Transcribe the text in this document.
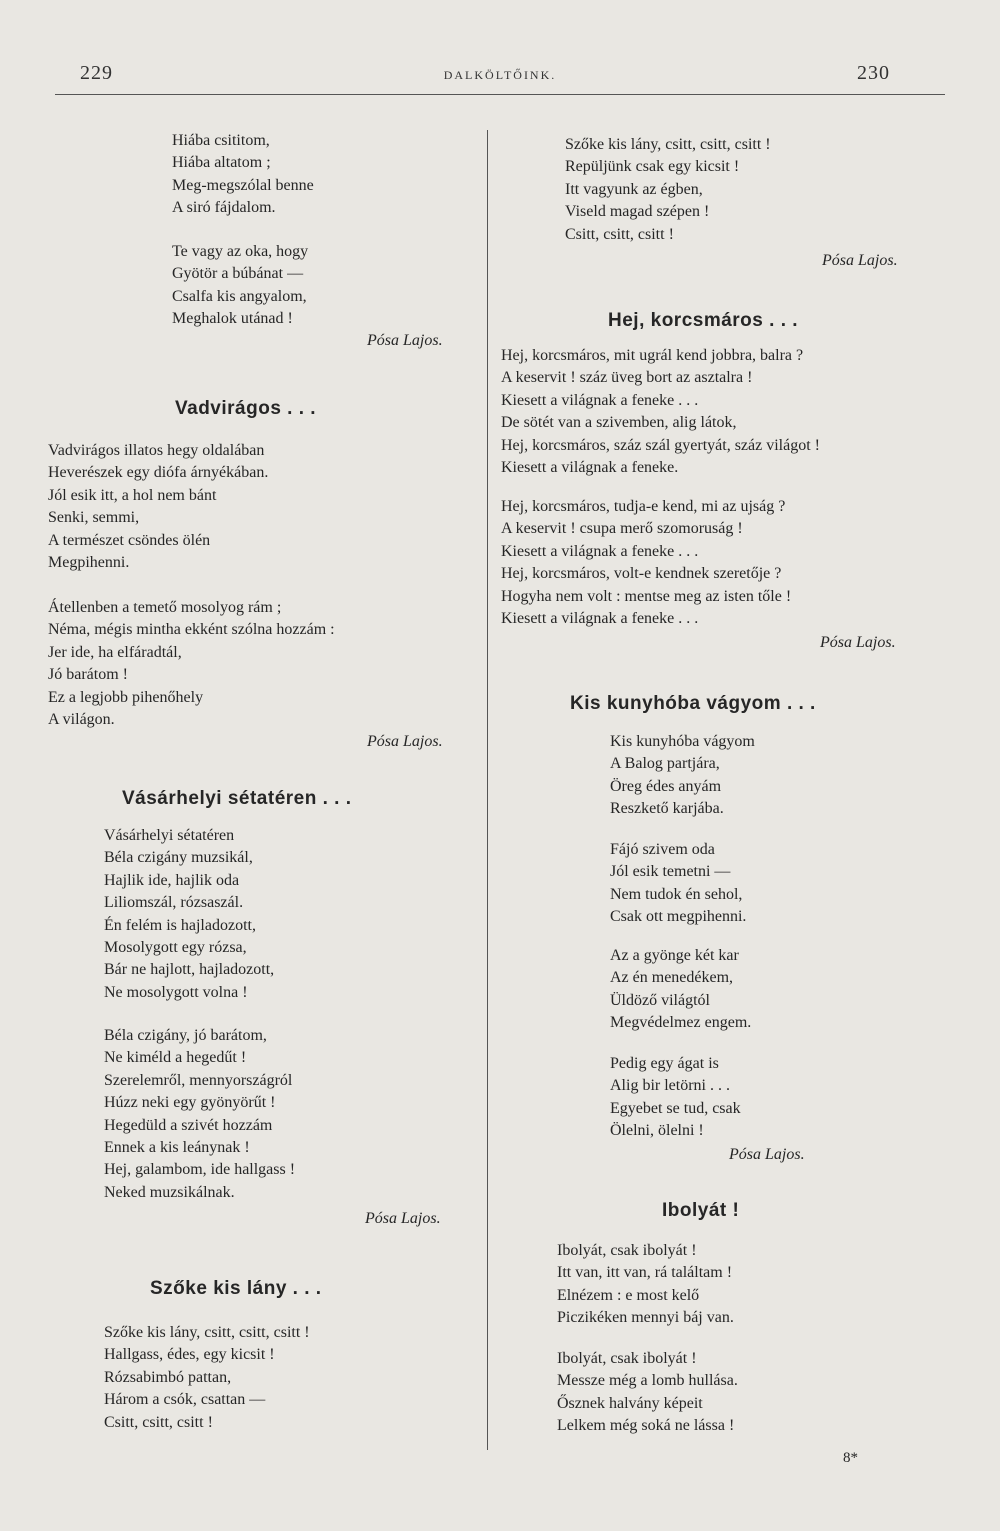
229	DALKÖLTŐINK.	230
Hiába csititom,
Hiába altatom ;
Meg-megszólal benne
A siró fájdalom.
Te vagy az oka, hogy
Gyötör a búbánat —
Csalfa kis angyalom,
Meghalok utánad !
Pósa Lajos.
Vadvirágos . . .
Vadvirágos illatos hegy oldalában
Heverészek egy diófa árnyékában.
Jól esik itt, a hol nem bánt
Senki, semmi,
A természet csöndes ölén
Megpihenni.
Átellenben a temető mosolyog rám ;
Néma, mégis mintha ekként szólna hozzám :
Jer ide, ha elfáradtál,
Jó barátom !
Ez a legjobb pihenőhely
A világon.
Pósa Lajos.
Vásárhelyi sétatéren . . .
Vásárhelyi sétatéren
Béla czigány muzsikál,
Hajlik ide, hajlik oda
Liliomszál, rózsaszál.
Én felém is hajladozott,
Mosolygott egy rózsa,
Bár ne hajlott, hajladozott,
Ne mosolygott volna !
Béla czigány, jó barátom,
Ne kiméld a hegedűt !
Szerelemről, mennyországról
Húzz neki egy gyönyörűt !
Hegedüld a szivét hozzám
Ennek a kis leánynak !
Hej, galambom, ide hallgass !
Neked muzsikálnak.
Pósa Lajos.
Szőke kis lány . . .
Szőke kis lány, csitt, csitt, csitt !
Hallgass, édes, egy kicsit !
Rózsabimbó pattan,
Három a csók, csattan —
Csitt, csitt, csitt !
Szőke kis lány, csitt, csitt, csitt !
Repüljünk csak egy kicsit !
Itt vagyunk az égben,
Viseld magad szépen !
Csitt, csitt, csitt !
Pósa Lajos.
Hej, korcsmáros . . .
Hej, korcsmáros, mit ugrál kend jobbra, balra ?
A keservit ! száz üveg bort az asztalra !
Kiesett a világnak a feneke . . .
De sötét van a szivemben, alig látok,
Hej, korcsmáros, száz szál gyertyát, száz világot !
Kiesett a világnak a feneke.
Hej, korcsmáros, tudja-e kend, mi az ujság ?
A keservit ! csupa merő szomoruság !
Kiesett a világnak a feneke . . .
Hej, korcsmáros, volt-e kendnek szeretője ?
Hogyha nem volt : mentse meg az isten tőle !
Kiesett a világnak a feneke . . .
Pósa Lajos.
Kis kunyhóba vágyom . . .
Kis kunyhóba vágyom
A Balog partjára,
Öreg édes anyám
Reszkető karjába.
Fájó szivem oda
Jól esik temetni —
Nem tudok én sehol,
Csak ott megpihenni.
Az a gyönge két kar
Az én menedékem,
Üldöző világtól
Megvédelmez engem.
Pedig egy ágat is
Alig bir letörni . . .
Egyebet se tud, csak
Ölelni, ölelni !
Pósa Lajos.
Ibolyát !
Ibolyát, csak ibolyát !
Itt van, itt van, rá találtam !
Elnézem : e most kelő
Piczikéken mennyi báj van.
Ibolyát, csak ibolyát !
Messze még a lomb hullása.
Ősznek halvány képeit
Lelkem még soká ne lássa !
8*
